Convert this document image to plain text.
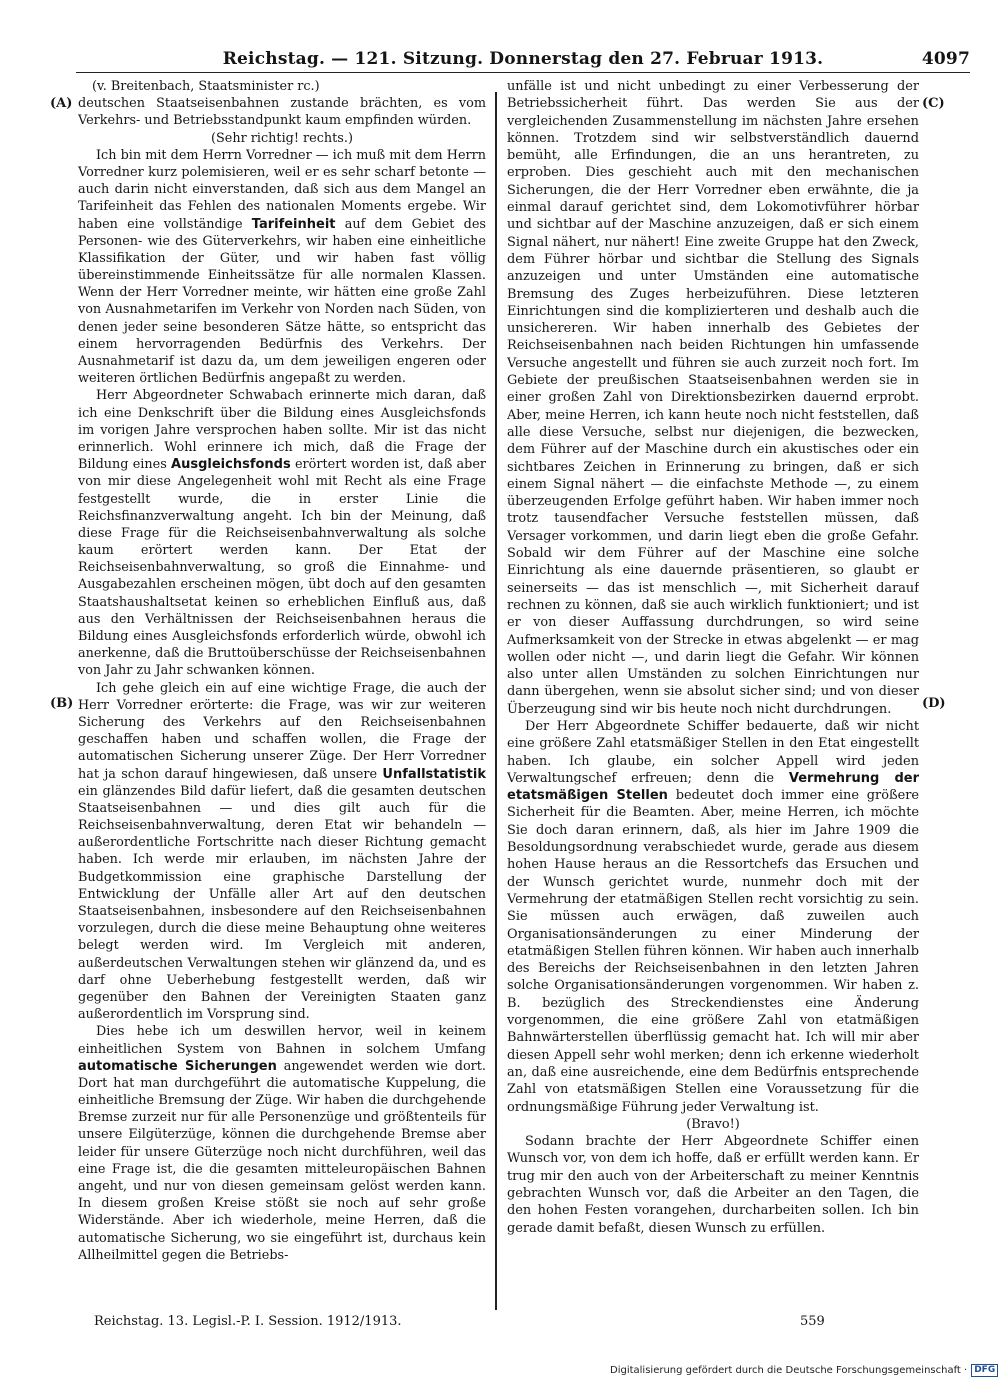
Reichstag. — 121. Sitzung. Donnerstag den 27. Februar 1913.	4097
(A)
(B)
(C)
(D)

(v. Breitenbach, Staatsminister rc.)

deutschen Staatseisenbahnen zustande brächten, es vom Verkehrs- und Betriebsstandpunkt kaum empfinden würden.

(Sehr richtig! rechts.)

Ich bin mit dem Herrn Vorredner — ich muß mit dem Herrn Vorredner kurz polemisieren, weil er es sehr scharf betonte — auch darin nicht einverstanden, daß sich aus dem Mangel an Tarifeinheit das Fehlen des nationalen Moments ergebe. Wir haben eine vollständige Tarifeinheit auf dem Gebiet des Personen- wie des Güterverkehrs, wir haben eine einheitliche Klassifikation der Güter, und wir haben fast völlig übereinstimmende Einheitssätze für alle normalen Klassen. Wenn der Herr Vorredner meinte, wir hätten eine große Zahl von Ausnahmetarifen im Verkehr von Norden nach Süden, von denen jeder seine besonderen Sätze hätte, so entspricht das einem hervorragenden Bedürfnis des Verkehrs. Der Ausnahmetarif ist dazu da, um dem jeweiligen engeren oder weiteren örtlichen Bedürfnis angepaßt zu werden.

Herr Abgeordneter Schwabach erinnerte mich daran, daß ich eine Denkschrift über die Bildung eines Ausgleichsfonds im vorigen Jahre versprochen haben sollte. Mir ist das nicht erinnerlich. Wohl erinnere ich mich, daß die Frage der Bildung eines Ausgleichsfonds erörtert worden ist, daß aber von mir diese Angelegenheit wohl mit Recht als eine Frage festgestellt wurde, die in erster Linie die Reichsfinanzverwaltung angeht. Ich bin der Meinung, daß diese Frage für die Reichseisenbahnverwaltung als solche kaum erörtert werden kann. Der Etat der Reichseisenbahnverwaltung, so groß die Einnahme- und Ausgabezahlen erscheinen mögen, übt doch auf den gesamten Staatshaushaltsetat keinen so erheblichen Einfluß aus, daß aus den Verhältnissen der Reichseisenbahnen heraus die Bildung eines Ausgleichsfonds erforderlich würde, obwohl ich anerkenne, daß die Bruttoüberschüsse der Reichseisenbahnen von Jahr zu Jahr schwanken können.

Ich gehe gleich ein auf eine wichtige Frage, die auch der Herr Vorredner erörterte: die Frage, was wir zur weiteren Sicherung des Verkehrs auf den Reichseisenbahnen geschaffen haben und schaffen wollen, die Frage der automatischen Sicherung unserer Züge. Der Herr Vorredner hat ja schon darauf hingewiesen, daß unsere Unfallstatistik ein glänzendes Bild dafür liefert, daß die gesamten deutschen Staatseisenbahnen — und dies gilt auch für die Reichseisenbahnverwaltung, deren Etat wir behandeln — außerordentliche Fortschritte nach dieser Richtung gemacht haben. Ich werde mir erlauben, im nächsten Jahre der Budgetkommission eine graphische Darstellung der Entwicklung der Unfälle aller Art auf den deutschen Staatseisenbahnen, insbesondere auf den Reichseisenbahnen vorzulegen, durch die diese meine Behauptung ohne weiteres belegt werden wird. Im Vergleich mit anderen, außerdeutschen Verwaltungen stehen wir glänzend da, und es darf ohne Ueberhebung festgestellt werden, daß wir gegenüber den Bahnen der Vereinigten Staaten ganz außerordentlich im Vorsprung sind.

Dies hebe ich um deswillen hervor, weil in keinem einheitlichen System von Bahnen in solchem Umfang automatische Sicherungen angewendet werden wie dort. Dort hat man durchgeführt die automatische Kuppelung, die einheitliche Bremsung der Züge. Wir haben die durchgehende Bremse zurzeit nur für alle Personenzüge und größtenteils für unsere Eilgüterzüge, können die durchgehende Bremse aber leider für unsere Güterzüge noch nicht durchführen, weil das eine Frage ist, die die gesamten mitteleuropäischen Bahnen angeht, und nur von diesen gemeinsam gelöst werden kann. In diesem großen Kreise stößt sie noch auf sehr große Widerstände. Aber ich wiederhole, meine Herren, daß die automatische Sicherung, wo sie eingeführt ist, durchaus kein Allheilmittel gegen die Betriebs-

unfälle ist und nicht unbedingt zu einer Verbesserung der Betriebssicherheit führt. Das werden Sie aus der vergleichenden Zusammenstellung im nächsten Jahre ersehen können. Trotzdem sind wir selbstverständlich dauernd bemüht, alle Erfindungen, die an uns herantreten, zu erproben. Dies geschieht auch mit den mechanischen Sicherungen, die der Herr Vorredner eben erwähnte, die ja einmal darauf gerichtet sind, dem Lokomotivführer hörbar und sichtbar auf der Maschine anzuzeigen, daß er sich einem Signal nähert, nur nähert! Eine zweite Gruppe hat den Zweck, dem Führer hörbar und sichtbar die Stellung des Signals anzuzeigen und unter Umständen eine automatische Bremsung des Zuges herbeizuführen. Diese letzteren Einrichtungen sind die komplizierteren und deshalb auch die unsichereren. Wir haben innerhalb des Gebietes der Reichseisenbahnen nach beiden Richtungen hin umfassende Versuche angestellt und führen sie auch zurzeit noch fort. Im Gebiete der preußischen Staatseisenbahnen werden sie in einer großen Zahl von Direktionsbezirken dauernd erprobt. Aber, meine Herren, ich kann heute noch nicht feststellen, daß alle diese Versuche, selbst nur diejenigen, die bezwecken, dem Führer auf der Maschine durch ein akustisches oder ein sichtbares Zeichen in Erinnerung zu bringen, daß er sich einem Signal nähert — die einfachste Methode —, zu einem überzeugenden Erfolge geführt haben. Wir haben immer noch trotz tausendfacher Versuche feststellen müssen, daß Versager vorkommen, und darin liegt eben die große Gefahr. Sobald wir dem Führer auf der Maschine eine solche Einrichtung als eine dauernde präsentieren, so glaubt er seinerseits — das ist menschlich —, mit Sicherheit darauf rechnen zu können, daß sie auch wirklich funktioniert; und ist er von dieser Auffassung durchdrungen, so wird seine Aufmerksamkeit von der Strecke in etwas abgelenkt — er mag wollen oder nicht —, und darin liegt die Gefahr. Wir können also unter allen Umständen zu solchen Einrichtungen nur dann übergehen, wenn sie absolut sicher sind; und von dieser Überzeugung sind wir bis heute noch nicht durchdrungen.

Der Herr Abgeordnete Schiffer bedauerte, daß wir nicht eine größere Zahl etatsmäßiger Stellen in den Etat eingestellt haben. Ich glaube, ein solcher Appell wird jeden Verwaltungschef erfreuen; denn die Vermehrung der etatsmäßigen Stellen bedeutet doch immer eine größere Sicherheit für die Beamten. Aber, meine Herren, ich möchte Sie doch daran erinnern, daß, als hier im Jahre 1909 die Besoldungsordnung verabschiedet wurde, gerade aus diesem hohen Hause heraus an die Ressortchefs das Ersuchen und der Wunsch gerichtet wurde, nunmehr doch mit der Vermehrung der etatmäßigen Stellen recht vorsichtig zu sein. Sie müssen auch erwägen, daß zuweilen auch Organisationsänderungen zu einer Minderung der etatmäßigen Stellen führen können. Wir haben auch innerhalb des Bereichs der Reichseisenbahnen in den letzten Jahren solche Organisationsänderungen vorgenommen. Wir haben z. B. bezüglich des Streckendienstes eine Änderung vorgenommen, die eine größere Zahl von etatmäßigen Bahnwärterstellen überflüssig gemacht hat. Ich will mir aber diesen Appell sehr wohl merken; denn ich erkenne wiederholt an, daß eine ausreichende, eine dem Bedürfnis entsprechende Zahl von etatsmäßigen Stellen eine Voraussetzung für die ordnungsmäßige Führung jeder Verwaltung ist.

(Bravo!)

Sodann brachte der Herr Abgeordnete Schiffer einen Wunsch vor, von dem ich hoffe, daß er erfüllt werden kann. Er trug mir den auch von der Arbeiterschaft zu meiner Kenntnis gebrachten Wunsch vor, daß die Arbeiter an den Tagen, die den hohen Festen vorangehen, durcharbeiten sollen. Ich bin gerade damit befaßt, diesen Wunsch zu erfüllen.

Reichstag. 13. Legisl.-P. I. Session. 1912/1913.	559
Digitalisierung gefördert durch die Deutsche Forschungsgemeinschaft · DFG
